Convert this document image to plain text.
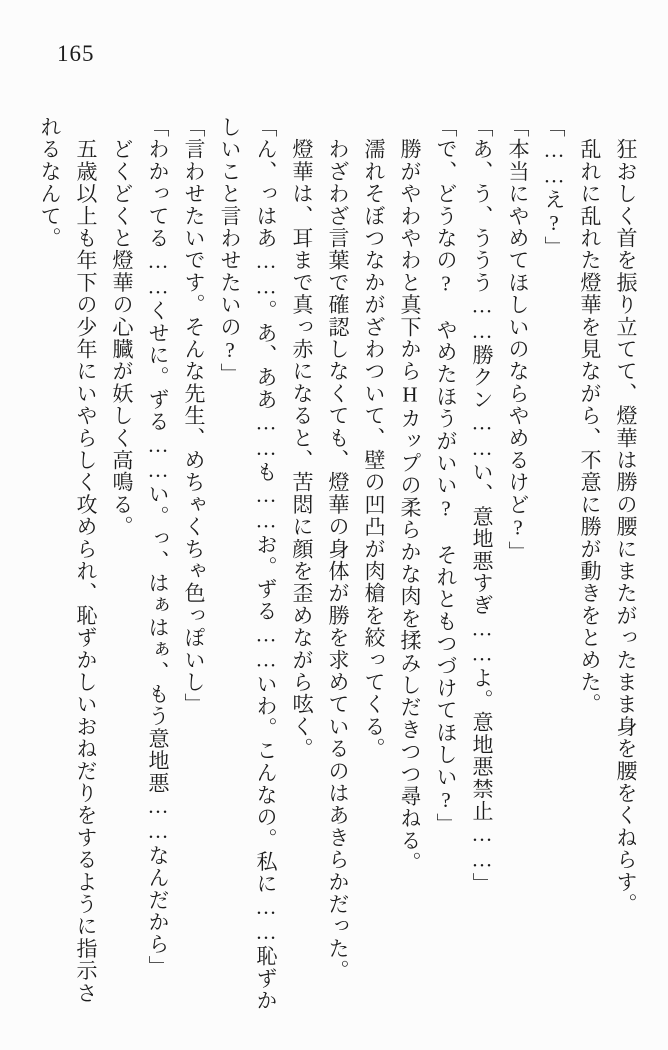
165

　狂おしく首を振り立てて、燈華は勝の腰にまたがったまま身を腰をくねらす。

　乱れに乱れた燈華を見ながら、不意に勝が動きをとめた。

「……え?」

「本当にやめてほしいのならやめるけど?」

「あ、う、ううう……勝クン……い、意地悪すぎ……よ。意地悪禁止……」

「で、どうなの?　やめたほうがいい?　それともつづけてほしい?」

　勝がやわやわと真下からHカップの柔らかな肉を揉みしだきつつ尋ねる。

　濡れそぼつなかがざわついて、壁の凹凸が肉槍を絞ってくる。

　わざわざ言葉で確認しなくても、燈華の身体が勝を求めているのはあきらかだった。

　燈華は、耳まで真っ赤になると、苦悶に顔を歪めながら呟く。

「ん、っはあ……。あ、ああ……も……お。ずる……いわ。こんなの。私に……恥ずかしいこと言わせたいの?」

「言わせたいです。そんな先生、めちゃくちゃ色っぽいし」

「わかってる……くせに。ずる……い。っ、はぁはぁ、もう意地悪……なんだから」

　どくどくと燈華の心臓が妖しく高鳴る。

　五歳以上も年下の少年にいやらしく攻められ、恥ずかしいおねだりをするように指示されるなんて。
